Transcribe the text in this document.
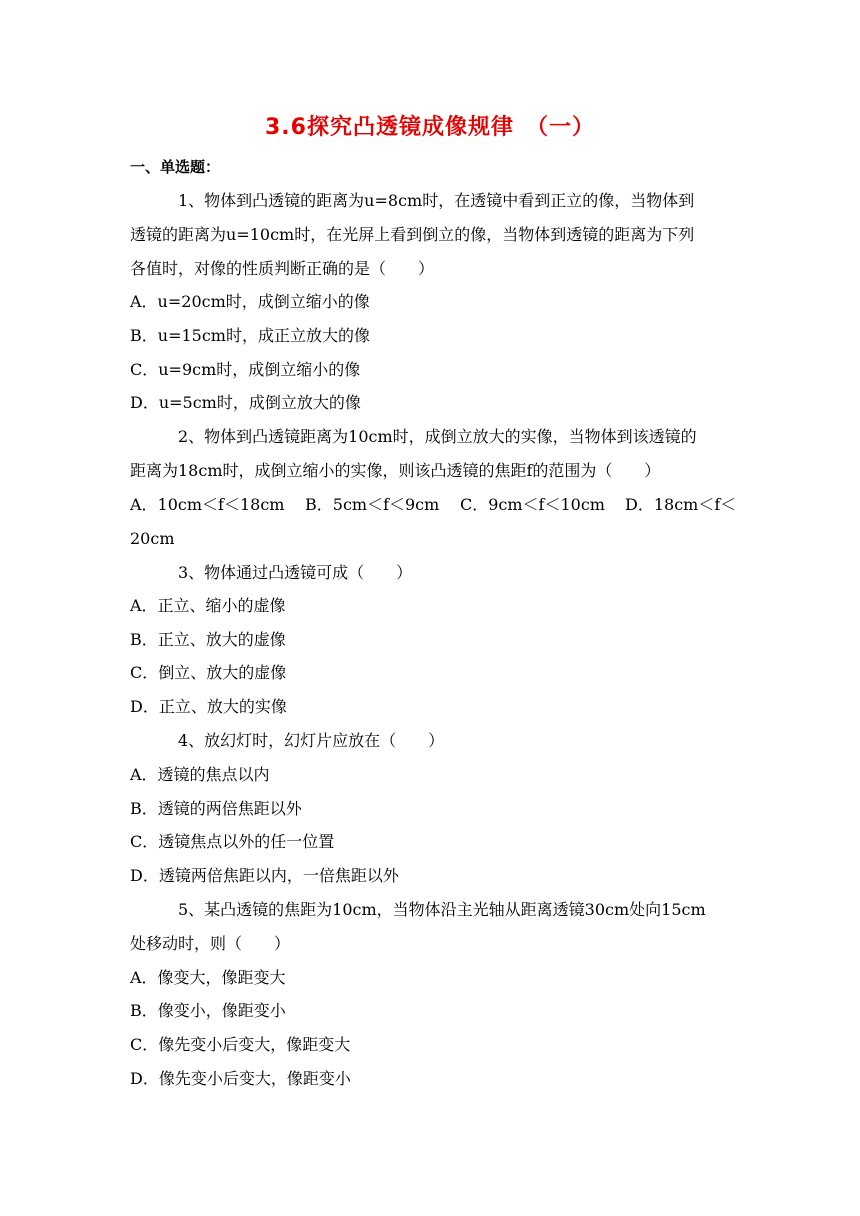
3.6探究凸透镜成像规律　（一）
一、单选题：
1、物体到凸透镜的距离为u=8cm时，在透镜中看到正立的像，当物体到
透镜的距离为u=10cm时，在光屏上看到倒立的像，当物体到透镜的距离为下列
各值时，对像的性质判断正确的是（　　）
A．u=20cm时，成倒立缩小的像
B．u=15cm时，成正立放大的像
C．u=9cm时，成倒立缩小的像
D．u=5cm时，成倒立放大的像
2、物体到凸透镜距离为10cm时，成倒立放大的实像，当物体到该透镜的
距离为18cm时，成倒立缩小的实像，则该凸透镜的焦距f的范围为（　　）
A．10cm＜f＜18cm B．5cm＜f＜9cm C．9cm＜f＜10cm D．18cm＜f＜
20cm
3、物体通过凸透镜可成（　　）
A．正立、缩小的虚像
B．正立、放大的虚像
C．倒立、放大的虚像
D．正立、放大的实像
4、放幻灯时，幻灯片应放在（　　）
A．透镜的焦点以内
B．透镜的两倍焦距以外
C．透镜焦点以外的任一位置
D．透镜两倍焦距以内，一倍焦距以外
5、某凸透镜的焦距为10cm，当物体沿主光轴从距离透镜30cm处向15cm
处移动时，则（　　）
A．像变大，像距变大
B．像变小，像距变小
C．像先变小后变大，像距变大
D．像先变小后变大，像距变小
